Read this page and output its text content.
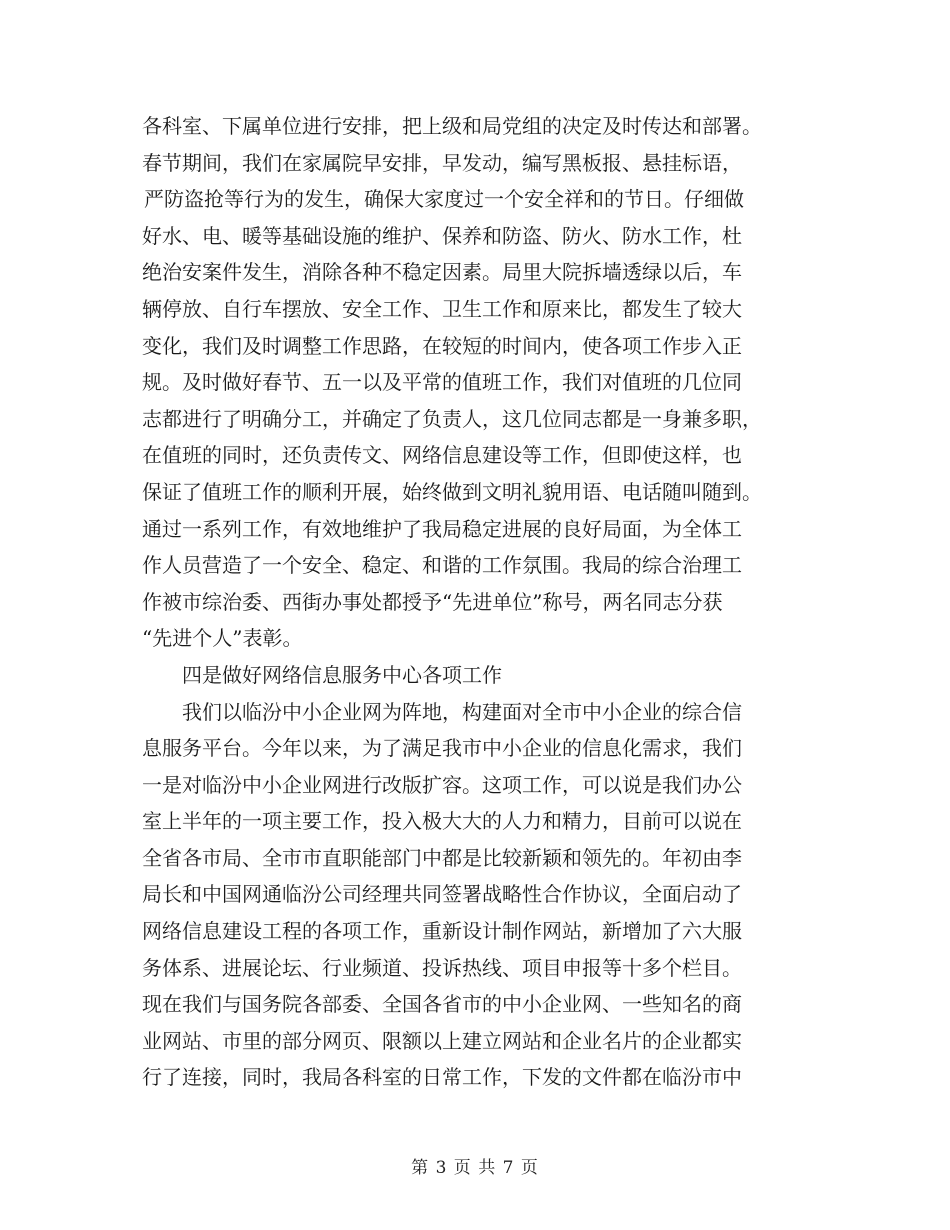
各科室、下属单位进行安排，把上级和局党组的决定及时传达和部署。
春节期间，我们在家属院早安排，早发动，编写黑板报、悬挂标语，
严防盗抢等行为的发生，确保大家度过一个安全祥和的节日。仔细做
好水、电、暖等基础设施的维护、保养和防盗、防火、防水工作，杜
绝治安案件发生，消除各种不稳定因素。局里大院拆墙透绿以后，车
辆停放、自行车摆放、安全工作、卫生工作和原来比，都发生了较大
变化，我们及时调整工作思路，在较短的时间内，使各项工作步入正
规。及时做好春节、五一以及平常的值班工作，我们对值班的几位同
志都进行了明确分工，并确定了负责人，这几位同志都是一身兼多职，
在值班的同时，还负责传文、网络信息建设等工作，但即使这样，也
保证了值班工作的顺利开展，始终做到文明礼貌用语、电话随叫随到。
通过一系列工作，有效地维护了我局稳定进展的良好局面，为全体工
作人员营造了一个安全、稳定、和谐的工作氛围。我局的综合治理工
作被市综治委、西街办事处都授予“先进单位”称号，两名同志分获
“先进个人”表彰。
四是做好网络信息服务中心各项工作
我们以临汾中小企业网为阵地，构建面对全市中小企业的综合信
息服务平台。今年以来，为了满足我市中小企业的信息化需求，我们
一是对临汾中小企业网进行改版扩容。这项工作，可以说是我们办公
室上半年的一项主要工作，投入极大大的人力和精力，目前可以说在
全省各市局、全市市直职能部门中都是比较新颖和领先的。年初由李
局长和中国网通临汾公司经理共同签署战略性合作协议，全面启动了
网络信息建设工程的各项工作，重新设计制作网站，新增加了六大服
务体系、进展论坛、行业频道、投诉热线、项目申报等十多个栏目。
现在我们与国务院各部委、全国各省市的中小企业网、一些知名的商
业网站、市里的部分网页、限额以上建立网站和企业名片的企业都实
行了连接，同时，我局各科室的日常工作，下发的文件都在临汾市中
第 3 页 共 7 页
